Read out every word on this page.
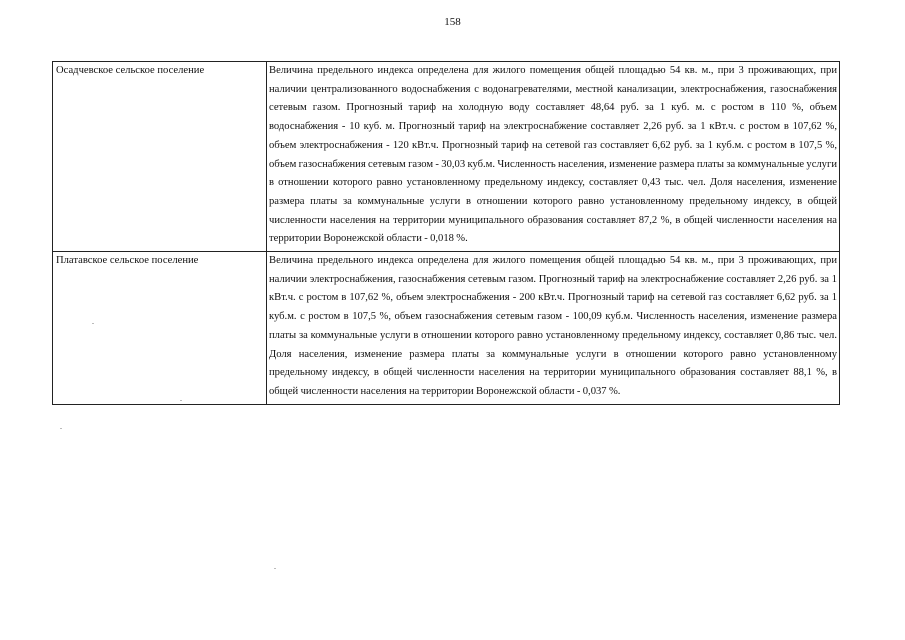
158
Осадчевское сельское поселение	Величина предельного индекса определена для жилого помещения общей площадью 54 кв. м., при 3 проживающих, при наличии централизованного водоснабжения с водонагревателями, местной канализации, электроснабжения, газоснабжения сетевым газом. Прогнозный тариф на холодную воду составляет 48,64 руб. за 1 куб. м. с ростом в 110 %, объем водоснабжения - 10 куб. м. Прогнозный тариф на электроснабжение составляет 2,26 руб. за 1 кВт.ч. с ростом в 107,62 %, объем электроснабжения - 120 кВт.ч. Прогнозный тариф на сетевой газ составляет 6,62 руб. за 1 куб.м. с ростом в 107,5 %, объем газоснабжения сетевым газом - 30,03 куб.м. Численность населения, изменение размера платы за коммунальные услуги в отношении которого равно установленному предельному индексу, составляет 0,43 тыс. чел. Доля населения, изменение размера платы за коммунальные услуги в отношении которого равно установленному предельному индексу, в общей численности населения на территории муниципального образования составляет 87,2 %, в общей численности населения на территории Воронежской области - 0,018 %.
Платавское сельское поселение	Величина предельного индекса определена для жилого помещения общей площадью 54 кв. м., при 3 проживающих, при наличии электроснабжения, газоснабжения сетевым газом. Прогнозный тариф на электроснабжение составляет 2,26 руб. за 1 кВт.ч. с ростом в 107,62 %, объем электроснабжения - 200 кВт.ч. Прогнозный тариф на сетевой газ составляет 6,62 руб. за 1 куб.м. с ростом в 107,5 %, объем газоснабжения сетевым газом - 100,09 куб.м. Численность населения, изменение размера платы за коммунальные услуги в отношении которого равно установленному предельному индексу, составляет 0,86 тыс. чел. Доля населения, изменение размера платы за коммунальные услуги в отношении которого равно установленному предельному индексу, в общей численности населения на территории муниципального образования составляет 88,1 %, в общей численности населения на территории Воронежской области - 0,037 %.
